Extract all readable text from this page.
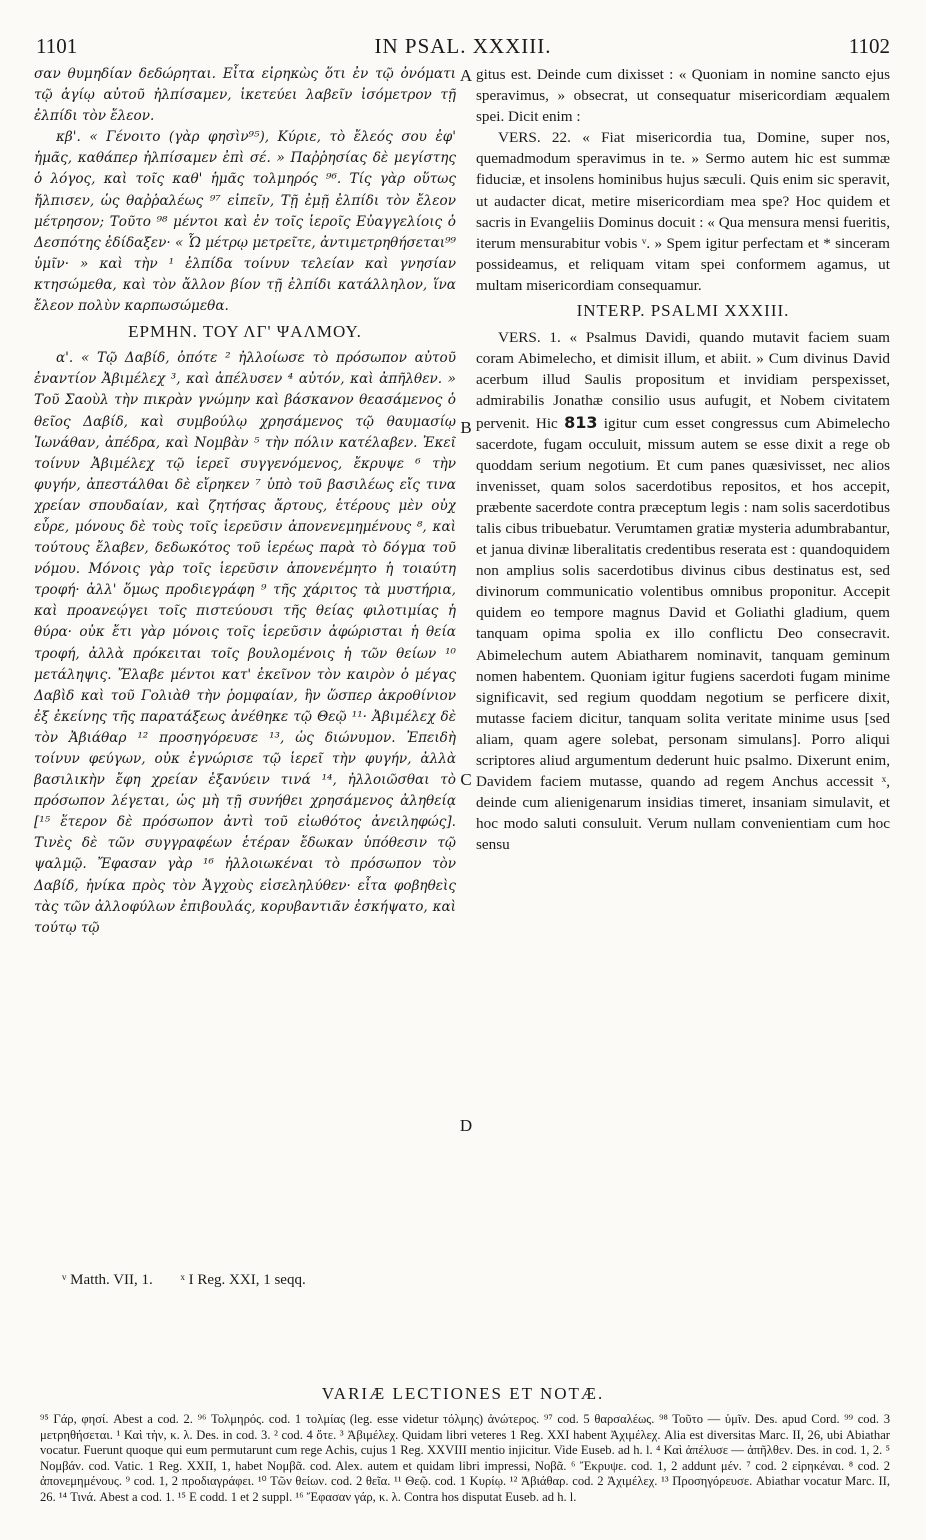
1101	IN PSAL. XXXIII.	1102

σαν θυμηδίαν δεδώρηται. Εἶτα εἰρηκὼς ὅτι ἐν τῷ ὀνόματι τῷ ἁγίῳ αὐτοῦ ἠλπίσαμεν, ἱκετεύει λαβεῖν ἰσόμετρον τῇ ἐλπίδι τὸν ἔλεον.

κβ'. « Γένοιτο (γὰρ φησὶν⁹⁵), Κύριε, τὸ ἔλεός σου ἐφ' ἡμᾶς, καθάπερ ἠλπίσαμεν ἐπὶ σέ. » Παῤῥησίας δὲ μεγίστης ὁ λόγος, καὶ τοῖς καθ' ἡμᾶς τολμηρός ⁹⁶. Τίς γὰρ οὕτως ἤλπισεν, ὡς θαῤῥαλέως ⁹⁷ εἰπεῖν, Τῇ ἐμῇ ἐλπίδι τὸν ἔλεον μέτρησον; Τοῦτο ⁹⁸ μέντοι καὶ ἐν τοῖς ἱεροῖς Εὐαγγελίοις ὁ Δεσπότης ἐδίδαξεν· « Ὧ μέτρῳ μετρεῖτε, ἀντιμετρηθήσεται⁹⁹ ὑμῖν· » καὶ τὴν ¹ ἐλπίδα τοίνυν τελείαν καὶ γνησίαν κτησώμεθα, καὶ τὸν ἄλλον βίον τῇ ἐλπίδι κατάλληλον, ἵνα ἔλεον πολὺν καρπωσώμεθα.

ΕΡΜΗΝ. ΤΟΥ ΛΓ' ΨΑΛΜΟΥ.

α'. « Τῷ Δαβίδ, ὁπότε ² ἠλλοίωσε τὸ πρόσωπον αὐτοῦ ἐναντίον Ἀβιμέλεχ ³, καὶ ἀπέλυσεν ⁴ αὐτόν, καὶ ἀπῆλθεν. » Τοῦ Σαοὺλ τὴν πικρὰν γνώμην καὶ βάσκανον θεασάμενος ὁ θεῖος Δαβίδ, καὶ συμβούλῳ χρησάμενος τῷ θαυμασίῳ Ἰωνάθαν, ἀπέδρα, καὶ Νομβὰν ⁵ τὴν πόλιν κατέλαβεν. Ἐκεῖ τοίνυν Ἀβιμέλεχ τῷ ἱερεῖ συγγενόμενος, ἔκρυψε ⁶ τὴν φυγήν, ἀπεστάλθαι δὲ εἴρηκεν ⁷ ὑπὸ τοῦ βασιλέως εἴς τινα χρείαν σπουδαίαν, καὶ ζητήσας ἄρτους, ἑτέρους μὲν οὐχ εὗρε, μόνους δὲ τοὺς τοῖς ἱερεῦσιν ἀπονενεμημένους ⁸, καὶ τούτους ἔλαβεν, δεδωκότος τοῦ ἱερέως παρὰ τὸ δόγμα τοῦ νόμου. Μόνοις γὰρ τοῖς ἱερεῦσιν ἀπονενέμητο ἡ τοιαύτη τροφή· ἀλλ' ὅμως προδιεγράφη ⁹ τῆς χάριτος τὰ μυστήρια, καὶ προανεῴγει τοῖς πιστεύουσι τῆς θείας φιλοτιμίας ἡ θύρα· οὐκ ἔτι γὰρ μόνοις τοῖς ἱερεῦσιν ἀφώρισται ἡ θεία τροφή, ἀλλὰ πρόκειται τοῖς βουλομένοις ἡ τῶν θείων ¹⁰ μετάληψις. Ἔλαβε μέντοι κατ' ἐκεῖνον τὸν καιρὸν ὁ μέγας Δαβὶδ καὶ τοῦ Γολιὰθ τὴν ῥομφαίαν, ἣν ὥσπερ ἀκροθίνιον ἐξ ἐκείνης τῆς παρατάξεως ἀνέθηκε τῷ Θεῷ ¹¹· Ἀβιμέλεχ δὲ τὸν Ἀβιάθαρ ¹² προσηγόρευσε ¹³, ὡς διώνυμον. Ἐπειδὴ τοίνυν φεύγων, οὐκ ἐγνώρισε τῷ ἱερεῖ τὴν φυγήν, ἀλλὰ βασιλικὴν ἔφη χρείαν ἐξανύειν τινά ¹⁴, ἠλλοιῶσθαι τὸ πρόσωπον λέγεται, ὡς μὴ τῇ συνήθει χρησάμενος ἀληθείᾳ [¹⁵ ἕτερον δὲ πρόσωπον ἀντὶ τοῦ εἰωθότος ἀνειληφώς]. Τινὲς δὲ τῶν συγγραφέων ἑτέραν ἔδωκαν ὑπόθεσιν τῷ ψαλμῷ. Ἔφασαν γὰρ ¹⁶ ἠλλοιωκέναι τὸ πρόσωπον τὸν Δαβίδ, ἡνίκα πρὸς τὸν Ἀγχοὺς εἰσεληλύθεν· εἶτα φοβηθεὶς τὰς τῶν ἀλλοφύλων ἐπιβουλάς, κορυβαντιᾶν ἐσκήψατο, καὶ τούτῳ τῷ

A
B
C
D

gitus est. Deinde cum dixisset : « Quoniam in nomine sancto ejus speravimus, » obsecrat, ut consequatur misericordiam æqualem spei. Dicit enim :

VERS. 22. « Fiat misericordia tua, Domine, super nos, quemadmodum speravimus in te. » Sermo autem hic est summæ fiduciæ, et insolens hominibus hujus sæculi. Quis enim sic speravit, ut audacter dicat, metire misericordiam mea spe? Hoc quidem et sacris in Evangeliis Dominus docuit : « Qua mensura mensi fueritis, iterum mensurabitur vobis ᵛ. » Spem igitur perfectam et * sinceram possideamus, et reliquam vitam spei conformem agamus, ut multam misericordiam consequamur.

INTERP. PSALMI XXXIII.

VERS. 1. « Psalmus Davidi, quando mutavit faciem suam coram Abimelecho, et dimisit illum, et abiit. » Cum divinus David acerbum illud Saulis propositum et invidiam perspexisset, admirabilis Jonathæ consilio usus aufugit, et Nobem civitatem pervenit. Hic 813 igitur cum esset congressus cum Abimelecho sacerdote, fugam occuluit, missum autem se esse dixit a rege ob quoddam serium negotium. Et cum panes quæsivisset, nec alios invenisset, quam solos sacerdotibus repositos, et hos accepit, præbente sacerdote contra præceptum legis : nam solis sacerdotibus talis cibus tribuebatur. Verumtamen gratiæ mysteria adumbrabantur, et janua divinæ liberalitatis credentibus reserata est : quandoquidem non amplius solis sacerdotibus divinus cibus destinatus est, sed divinorum communicatio volentibus omnibus proponitur. Accepit quidem eo tempore magnus David et Goliathi gladium, quem tanquam opima spolia ex illo conflictu Deo consecravit. Abimelechum autem Abiatharem nominavit, tanquam geminum nomen habentem. Quoniam igitur fugiens sacerdoti fugam minime significavit, sed regium quoddam negotium se perficere dixit, mutasse faciem dicitur, tanquam solita veritate minime usus [sed aliam, quam agere solebat, personam simulans]. Porro aliqui scriptores aliud argumentum dederunt huic psalmo. Dixerunt enim, Davidem faciem mutasse, quando ad regem Anchus accessit ˣ, deinde cum alienigenarum insidias timeret, insaniam simulavit, et hoc modo saluti consuluit. Verum nullam convenientiam cum hoc sensu

ᵛ Matth. VII, 1. ˣ I Reg. XXI, 1 seqq.
VARIÆ LECTIONES ET NOTÆ.

⁹⁵ Γάρ, φησί. Abest a cod. 2. ⁹⁶ Τολμηρός. cod. 1 τολμίας (leg. esse videtur τόλμης) ἀνώτερος. ⁹⁷ cod. 5 θαρσαλέως. ⁹⁸ Τοῦτο — ὑμῖν. Des. apud Cord. ⁹⁹ cod. 3 μετρηθήσεται. ¹ Καὶ τὴν, κ. λ. Des. in cod. 3. ² cod. 4 ὅτε. ³ Ἀβιμέλεχ. Quidam libri veteres 1 Reg. XXI habent Ἀχιμέλεχ. Alia est diversitas Marc. II, 26, ubi Abiathar vocatur. Fuerunt quoque qui eum permutarunt cum rege Achis, cujus 1 Reg. XXVIII mentio injicitur. Vide Euseb. ad h. l. ⁴ Καὶ ἀπέλυσε — ἀπῆλθεν. Des. in cod. 1, 2. ⁵ Νομβάν. cod. Vatic. 1 Reg. XXII, 1, habet Νομβᾶ. cod. Alex. autem et quidam libri impressi, Νοβᾶ. ⁶ Ἔκρυψε. cod. 1, 2 addunt μέν. ⁷ cod. 2 εἰρηκέναι. ⁸ cod. 2 ἀπονεμημένους. ⁹ cod. 1, 2 προδιαγράφει. ¹⁰ Τῶν θείων. cod. 2 θεῖα. ¹¹ Θεῷ. cod. 1 Κυρίῳ. ¹² Ἀβιάθαρ. cod. 2 Ἀχιμέλεχ. ¹³ Προσηγόρευσε. Abiathar vocatur Marc. II, 26. ¹⁴ Τινά. Abest a cod. 1. ¹⁵ E codd. 1 et 2 suppl. ¹⁶ Ἔφασαν γάρ, κ. λ. Contra hos disputat Euseb. ad h. l.
